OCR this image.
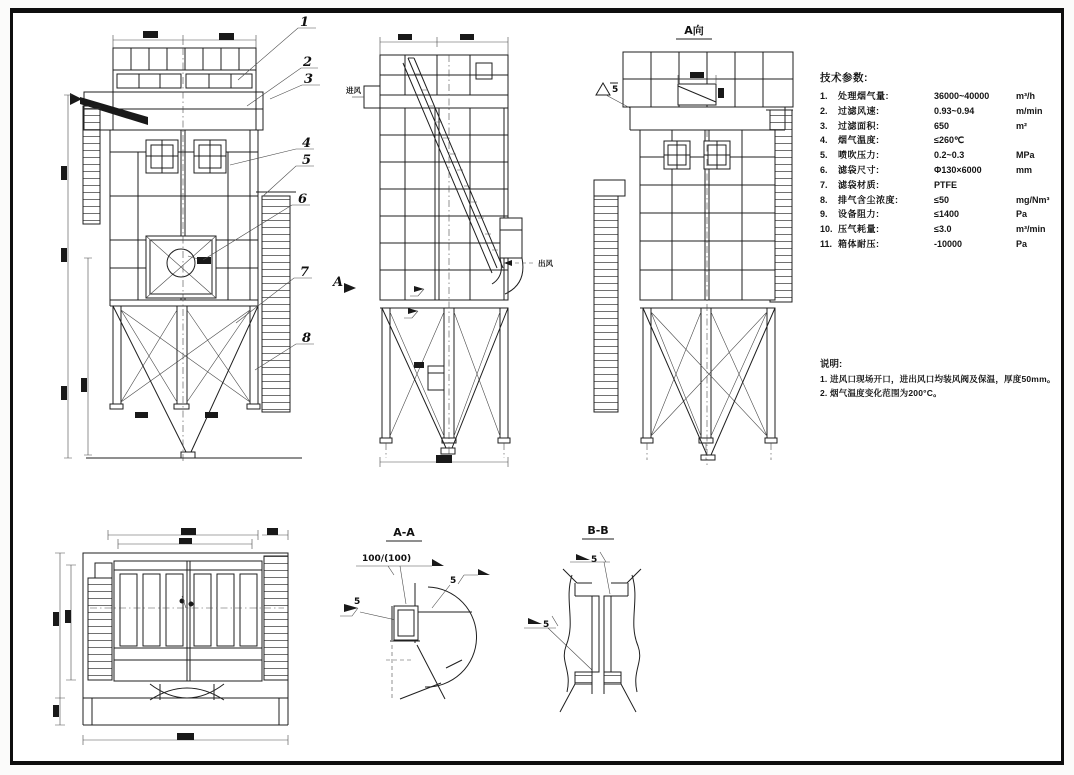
1
2
3
4
5
6
7
8
进风
出风
A
A向
5
A-A
100/(100)
5
5
B-B
5
5
技术参数:
1.	处理烟气量:	36000~40000	m³/h
2.	过滤风速:	0.93~0.94	m/min
3.	过滤面积:	650	m²
4.	烟气温度:	≤260℃
5.	喷吹压力:	0.2~0.3	MPa
6.	滤袋尺寸:	Φ130×6000	mm
7.	滤袋材质:	PTFE
8.	排气含尘浓度:	≤50	mg/Nm³
9.	设备阻力:	≤1400	Pa
10. 压气耗量:	≤3.0	m³/min
11. 箱体耐压:	-10000	Pa
说明:
1. 进风口现场开口，进出风口均装风阀及保温，厚度50mm。
2. 烟气温度变化范围为200°C。
